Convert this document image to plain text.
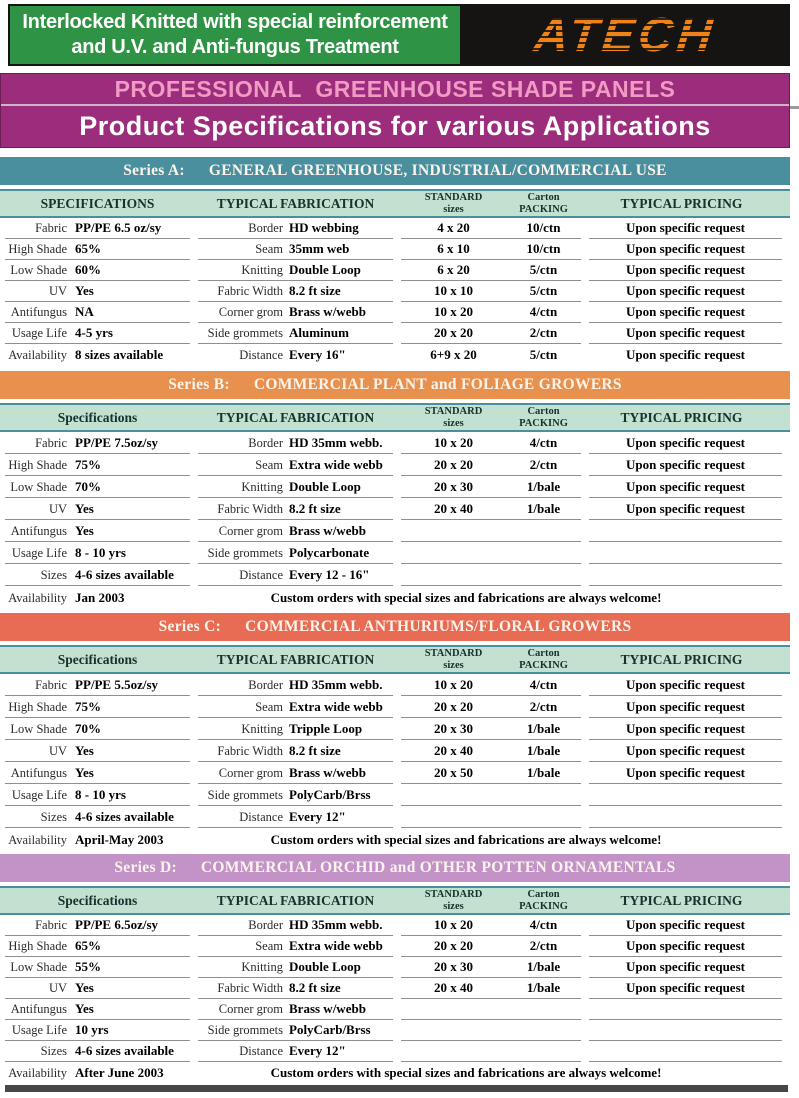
Interlocked Knitted with special reinforcement
and U.V. and Anti-fungus Treatment	ATECH
PROFESSIONAL  GREENHOUSE SHADE PANELS
Product Specifications for various Applications
Series A: GENERAL GREENHOUSE, INDUSTRIAL/COMMERCIAL USE
SPECIFICATIONS	TYPICAL FABRICATION	STANDARD
sizes
Carton
PACKING	TYPICAL PRICING
Fabric PP/PE 6.5 oz/sy	Border HD webbing	4 x 20	10/ctn	Upon specific request
High Shade 65%	Seam 35mm web	6 x 10	10/ctn	Upon specific request
Low Shade 60%	Knitting Double Loop	6 x 20	5/ctn	Upon specific request
UV Yes	Fabric Width 8.2 ft size	10 x 10	5/ctn	Upon specific request
Antifungus NA	Corner grom Brass w/webb	10 x 20	4/ctn	Upon specific request
Usage Life 4-5 yrs	Side grommets Aluminum	20 x 20	2/ctn	Upon specific request
Availability 8 sizes available	Distance Every 16"	6+9 x 20	5/ctn	Upon specific request
Series B: COMMERCIAL PLANT and FOLIAGE GROWERS
Specifications	TYPICAL FABRICATION	STANDARD
sizes
Carton
PACKING	TYPICAL PRICING
Fabric PP/PE 7.5oz/sy	Border HD 35mm webb.	10 x 20	4/ctn	Upon specific request
High Shade 75%	Seam Extra wide webb	20 x 20	2/ctn	Upon specific request
Low Shade 70%	Knitting Double Loop	20 x 30	1/bale	Upon specific request
UV Yes	Fabric Width 8.2 ft size	20 x 40	1/bale	Upon specific request
Antifungus Yes	Corner grom Brass w/webb
Usage Life 8 - 10 yrs	Side grommets Polycarbonate
Sizes 4-6 sizes available	Distance Every 12 - 16"
Availability Jan 2003	Custom orders with special sizes and fabrications are always welcome!
Series C: COMMERCIAL ANTHURIUMS/FLORAL GROWERS
Specifications	TYPICAL FABRICATION	STANDARD
sizes
Carton
PACKING	TYPICAL PRICING
Fabric PP/PE 5.5oz/sy	Border HD 35mm webb.	10 x 20	4/ctn	Upon specific request
High Shade 75%	Seam Extra wide webb	20 x 20	2/ctn	Upon specific request
Low Shade 70%	Knitting Tripple Loop	20 x 30	1/bale	Upon specific request
UV Yes	Fabric Width 8.2 ft size	20 x 40	1/bale	Upon specific request
Antifungus Yes	Corner grom Brass w/webb	20 x 50	1/bale	Upon specific request
Usage Life 8 - 10 yrs	Side grommets PolyCarb/Brss
Sizes 4-6 sizes available	Distance Every 12"
Availability April-May 2003	Custom orders with special sizes and fabrications are always welcome!
Series D: COMMERCIAL ORCHID and OTHER POTTEN ORNAMENTALS
Specifications	TYPICAL FABRICATION	STANDARD
sizes
Carton
PACKING	TYPICAL PRICING
Fabric PP/PE 6.5oz/sy	Border HD 35mm webb.	10 x 20	4/ctn	Upon specific request
High Shade 65%	Seam Extra wide webb	20 x 20	2/ctn	Upon specific request
Low Shade 55%	Knitting Double Loop	20 x 30	1/bale	Upon specific request
UV Yes	Fabric Width 8.2 ft size	20 x 40	1/bale	Upon specific request
Antifungus Yes	Corner grom Brass w/webb
Usage Life 10 yrs	Side grommets PolyCarb/Brss
Sizes 4-6 sizes available	Distance Every 12"
Availability After June 2003	Custom orders with special sizes and fabrications are always welcome!
